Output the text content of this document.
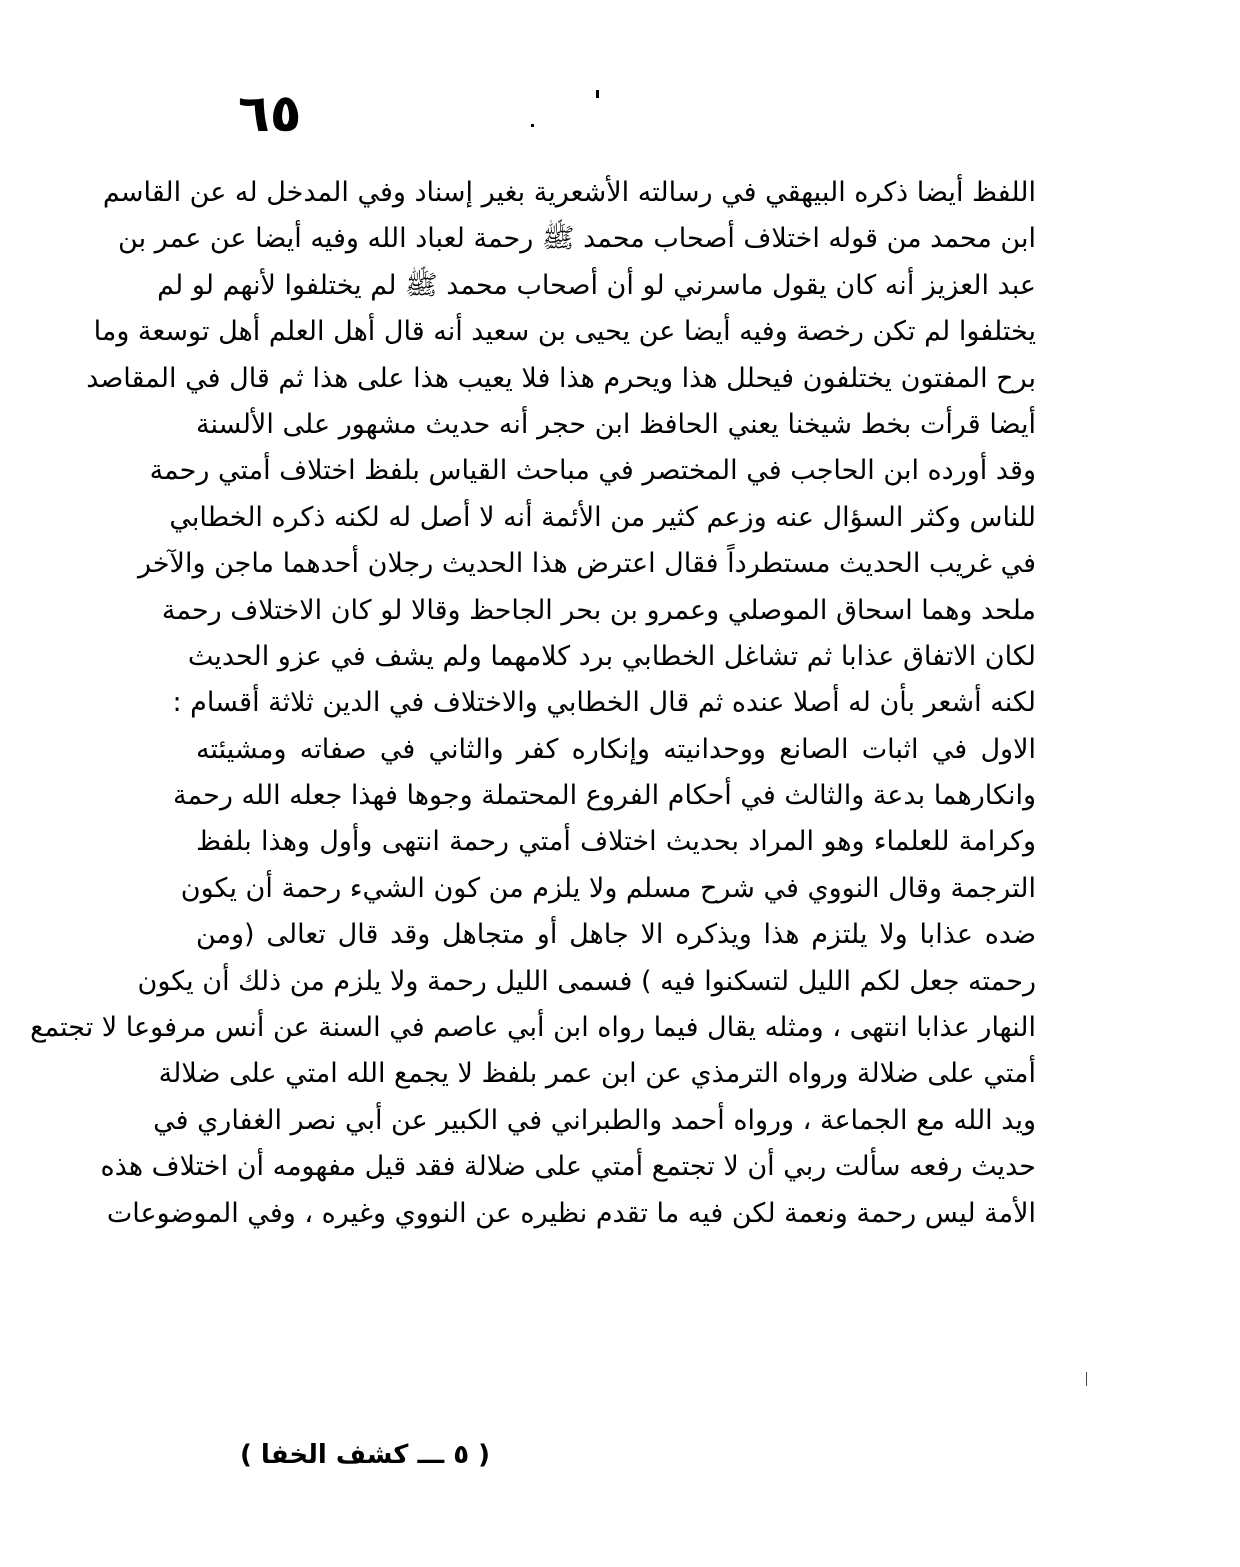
٦٥
اللفظ أيضا ذكره البيهقي في رسالته الأشعرية بغير إسناد وفي المدخل له عن القاسم
ابن محمد من قوله اختلاف أصحاب محمد ﷺ رحمة لعباد الله وفيه أيضا عن عمر بن
عبد العزيز أنه كان يقول ماسرني لو أن أصحاب محمد ﷺ لم يختلفوا لأنهم لو لم
يختلفوا لم تكن رخصة وفيه أيضا عن يحيى بن سعيد أنه قال أهل العلم أهل توسعة وما
برح المفتون يختلفون فيحلل هذا ويحرم هذا فلا يعيب هذا على هذا ثم قال في المقاصد
أيضا قرأت بخط شيخنا يعني الحافظ ابن حجر أنه حديث مشهور على الألسنة
وقد أورده ابن الحاجب في المختصر في مباحث القياس بلفظ اختلاف أمتي رحمة
للناس وكثر السؤال عنه وزعم كثير من الأئمة أنه لا أصل له لكنه ذكره الخطابي
في غريب الحديث مستطرداً فقال اعترض هذا الحديث رجلان أحدهما ماجن والآخر
ملحد وهما اسحاق الموصلي وعمرو بن بحر الجاحظ وقالا لو كان الاختلاف رحمة
لكان الاتفاق عذابا ثم تشاغل الخطابي برد كلامهما ولم يشف في عزو الحديث
لكنه أشعر بأن له أصلا عنده ثم قال الخطابي والاختلاف في الدين ثلاثة أقسام :
الاول في اثبات الصانع ووحدانيته وإنكاره كفر والثاني في صفاته ومشيئته
وانكارهما بدعة والثالث في أحكام الفروع المحتملة وجوها فهذا جعله الله رحمة
وكرامة للعلماء وهو المراد بحديث اختلاف أمتي رحمة انتهى وأول وهذا بلفظ
الترجمة وقال النووي في شرح مسلم ولا يلزم من كون الشيء رحمة أن يكون
ضده عذابا ولا يلتزم هذا ويذكره الا جاهل أو متجاهل وقد قال تعالى (ومن
رحمته جعل لكم الليل لتسكنوا فيه ) فسمى الليل رحمة ولا يلزم من ذلك أن يكون
النهار عذابا انتهى ، ومثله يقال فيما رواه ابن أبي عاصم في السنة عن أنس مرفوعا لا تجتمع
أمتي على ضلالة ورواه الترمذي عن ابن عمر بلفظ لا يجمع الله امتي على ضلالة
ويد الله مع الجماعة ، ورواه أحمد والطبراني في الكبير عن أبي نصر الغفاري في
حديث رفعه سألت ربي أن لا تجتمع أمتي على ضلالة فقد قيل مفهومه أن اختلاف هذه
الأمة ليس رحمة ونعمة لكن فيه ما تقدم نظيره عن النووي وغيره ، وفي الموضوعات
( ٥ ـــ كشف الخفا )
